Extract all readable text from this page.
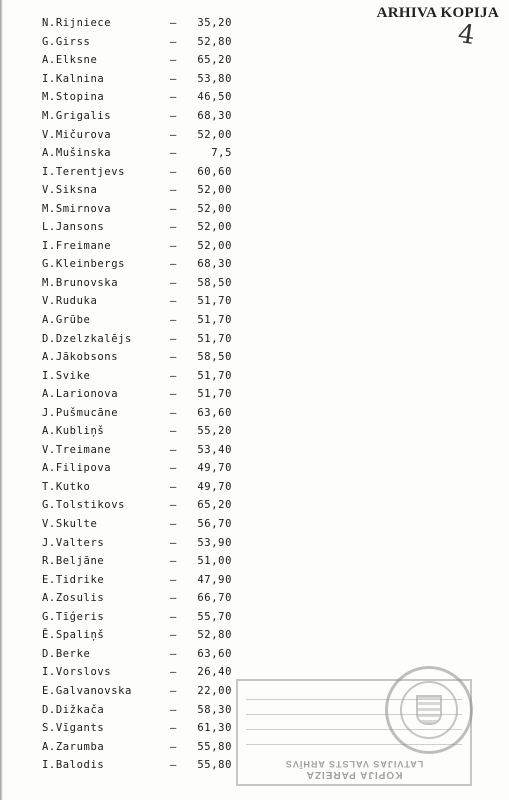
ARHIVA KOPIJA
4
N.Rijniece	–	35,20
G.Girss	–	52,80
A.Elksne	–	65,20
I.Kalnina	–	53,80
M.Stopina	–	46,50
M.Grigalis	–	68,30
V.Mičurova	–	52,00
A.Mušinska	–	7,5
I.Terentjevs	–	60,60
V.Siksna	–	52,00
M.Smirnova	–	52,00
L.Jansons	–	52,00
I.Freimane	–	52,00
G.Kleinbergs	–	68,30
M.Brunovska	–	58,50
V.Ruduka	–	51,70
A.Grūbe	–	51,70
D.Dzelzkalējs	–	51,70
A.Jākobsons	–	58,50
I.Svike	–	51,70
A.Larionova	–	51,70
J.Pušmucāne	–	63,60
A.Kubliņš	–	55,20
V.Treimane	–	53,40
A.Filipova	–	49,70
T.Kutko	–	49,70
G.Tolstikovs	–	65,20
V.Skulte	–	56,70
J.Valters	–	53,90
R.Beljāne	–	51,00
E.Tidrike	–	47,90
A.Zosulis	–	66,70
G.Tīģeris	–	55,70
Ē.Spaliņš	–	52,80
D.Berke	–	63,60
I.Vorslovs	–	26,40
E.Galvanovska	–	22,00
D.Dižkača	–	58,30
S.Vīgants	–	61,30
A.Zarumba	–	55,80
I.Balodis	–	55,80
KOPIJA PAREIZA
LATVIJAS VALSTS ARHĪVS
